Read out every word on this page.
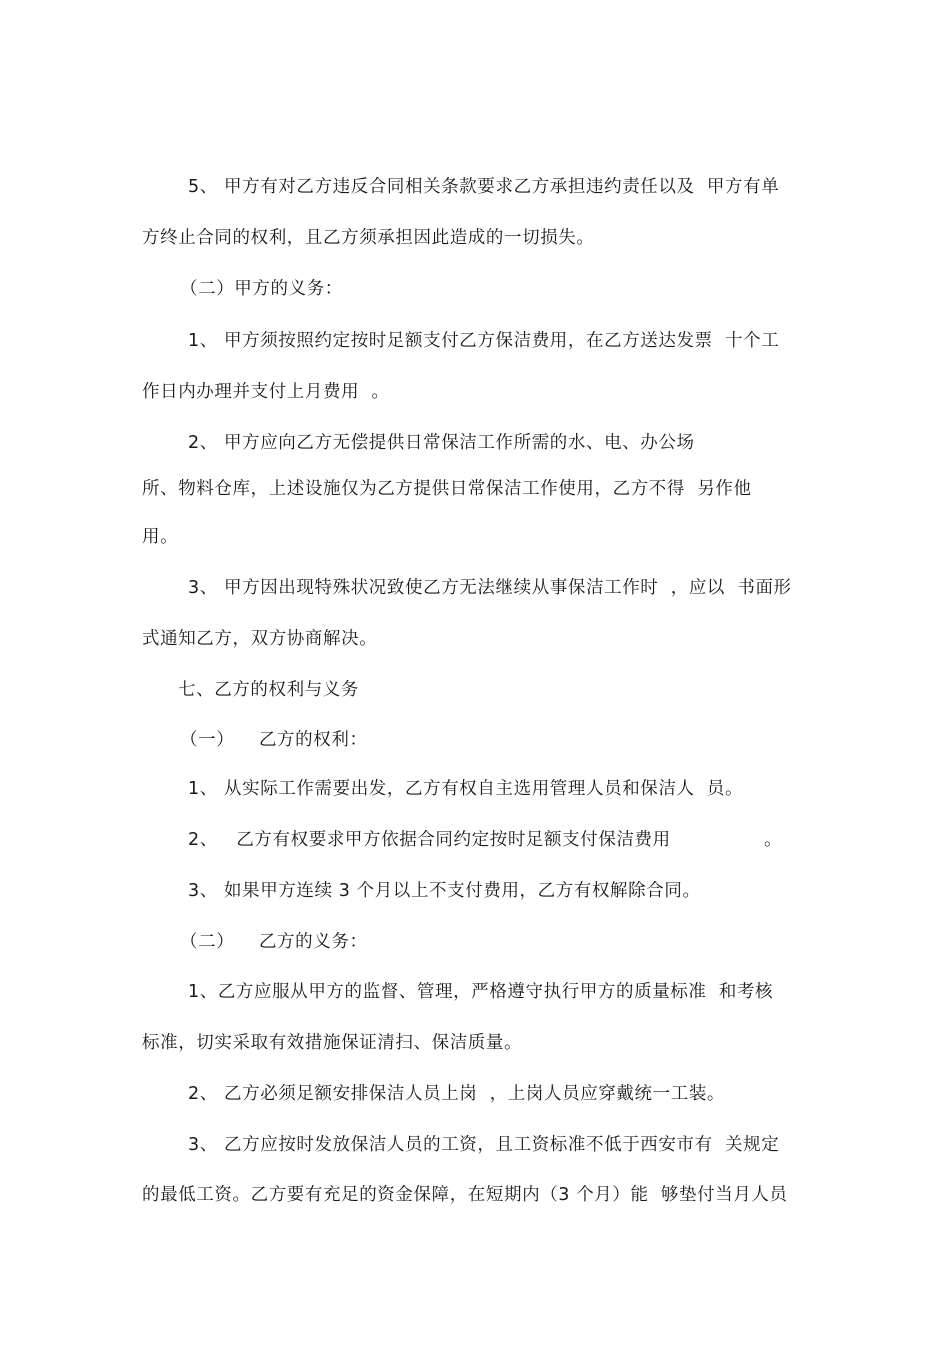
5、 甲方有对乙方违反合同相关条款要求乙方承担违约责任以及  甲方有单
方终止合同的权利，且乙方须承担因此造成的一切损失。
（二）甲方的义务：
1、 甲方须按照约定按时足额支付乙方保洁费用，在乙方送达发票  十个工
作日内办理并支付上月费用  。
2、 甲方应向乙方无偿提供日常保洁工作所需的水、电、办公场
所、物料仓库，上述设施仅为乙方提供日常保洁工作使用，乙方不得  另作他
用。
3、 甲方因出现特殊状况致使乙方无法继续从事保洁工作时  ，应以  书面形
式通知乙方，双方协商解决。
七、乙方的权利与义务
（一）    乙方的权利：
1、 从实际工作需要出发，乙方有权自主选用管理人员和保洁人  员。
2、   乙方有权要求甲方依据合同约定按时足额支付保洁费用	。
3、 如果甲方连续 3 个月以上不支付费用，乙方有权解除合同。
（二）    乙方的义务：
1、乙方应服从甲方的监督、管理，严格遵守执行甲方的质量标准  和考核
标准，切实采取有效措施保证清扫、保洁质量。
2、 乙方必须足额安排保洁人员上岗  ，上岗人员应穿戴统一工装。
3、 乙方应按时发放保洁人员的工资，且工资标准不低于西安市有  关规定
的最低工资。乙方要有充足的资金保障，在短期内（3 个月）能  够垫付当月人员
